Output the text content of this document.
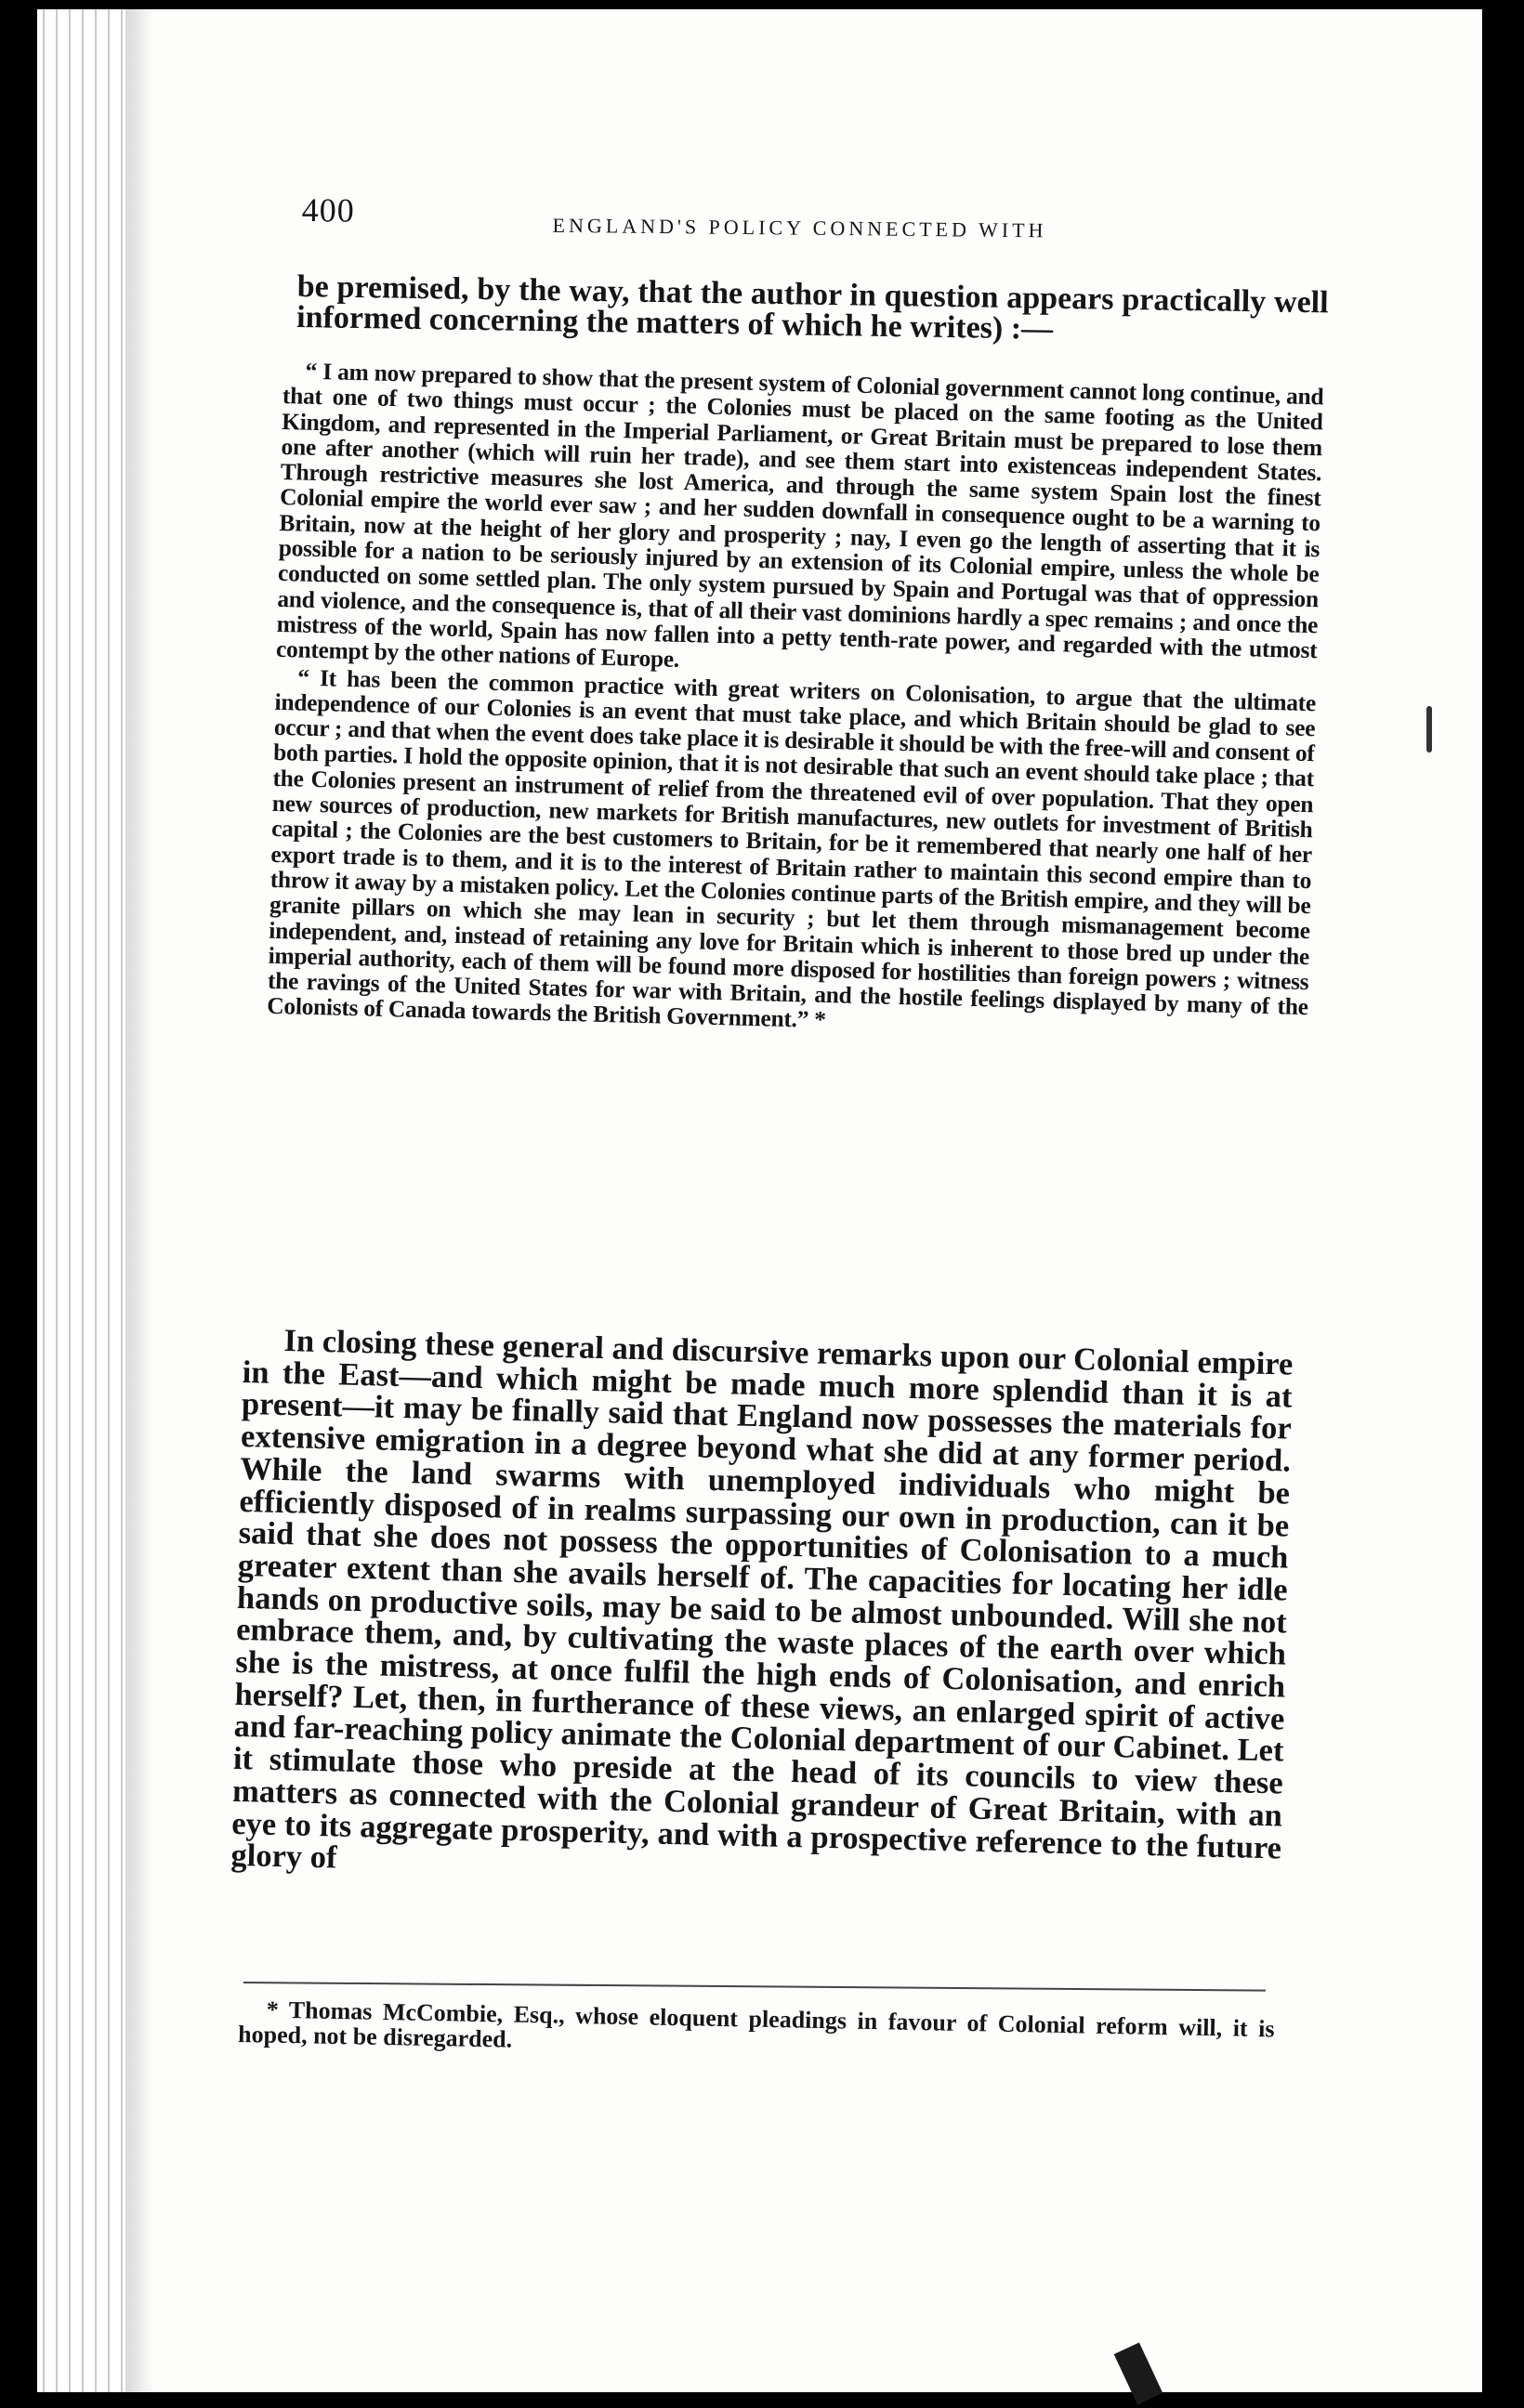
400	ENGLAND'S POLICY CONNECTED WITH

be premised, by the way, that the author in question appears practically well informed concerning the matters of which he writes) :—

“ I am now prepared to show that the present system of Colonial government cannot long continue, and that one of two things must occur ; the Colonies must be placed on the same footing as the United Kingdom, and represented in the Imperial Parliament, or Great Britain must be prepared to lose them one after another (which will ruin her trade), and see them start into existenceas independent States. Through restrictive measures she lost America, and through the same system Spain lost the finest Colonial empire the world ever saw ; and her sudden downfall in consequence ought to be a warning to Britain, now at the height of her glory and prosperity ; nay, I even go the length of asserting that it is possible for a nation to be seriously injured by an extension of its Colonial empire, unless the whole be conducted on some settled plan. The only system pursued by Spain and Portugal was that of oppression and violence, and the consequence is, that of all their vast dominions hardly a spec remains ; and once the mistress of the world, Spain has now fallen into a petty tenth-rate power, and regarded with the utmost contempt by the other nations of Europe.

“ It has been the common practice with great writers on Colonisation, to argue that the ultimate independence of our Colonies is an event that must take place, and which Britain should be glad to see occur ; and that when the event does take place it is desirable it should be with the free-will and consent of both parties. I hold the opposite opinion, that it is not desirable that such an event should take place ; that the Colonies present an instrument of relief from the threatened evil of over population. That they open new sources of production, new markets for British manufactures, new outlets for investment of British capital ; the Colonies are the best customers to Britain, for be it remembered that nearly one half of her export trade is to them, and it is to the interest of Britain rather to maintain this second empire than to throw it away by a mistaken policy. Let the Colonies continue parts of the British empire, and they will be granite pillars on which she may lean in security ; but let them through mismanagement become independent, and, instead of retaining any love for Britain which is inherent to those bred up under the imperial authority, each of them will be found more disposed for hostilities than foreign powers ; witness the ravings of the United States for war with Britain, and the hostile feelings displayed by many of the Colonists of Canada towards the British Government.” *

In closing these general and discursive remarks upon our Colonial empire in the East—and which might be made much more splendid than it is at present—it may be finally said that England now possesses the materials for extensive emigration in a degree beyond what she did at any former period. While the land swarms with unemployed individuals who might be efficiently disposed of in realms surpassing our own in production, can it be said that she does not possess the opportunities of Colonisation to a much greater extent than she avails herself of. The capacities for locating her idle hands on productive soils, may be said to be almost unbounded. Will she not embrace them, and, by cultivating the waste places of the earth over which she is the mistress, at once fulfil the high ends of Colonisation, and enrich herself? Let, then, in furtherance of these views, an enlarged spirit of active and far-reaching policy animate the Colonial department of our Cabinet. Let it stimulate those who preside at the head of its councils to view these matters as connected with the Colonial grandeur of Great Britain, with an eye to its aggregate prosperity, and with a prospective reference to the future glory of

* Thomas McCombie, Esq., whose eloquent pleadings in favour of Colonial reform will, it is hoped, not be disregarded.
